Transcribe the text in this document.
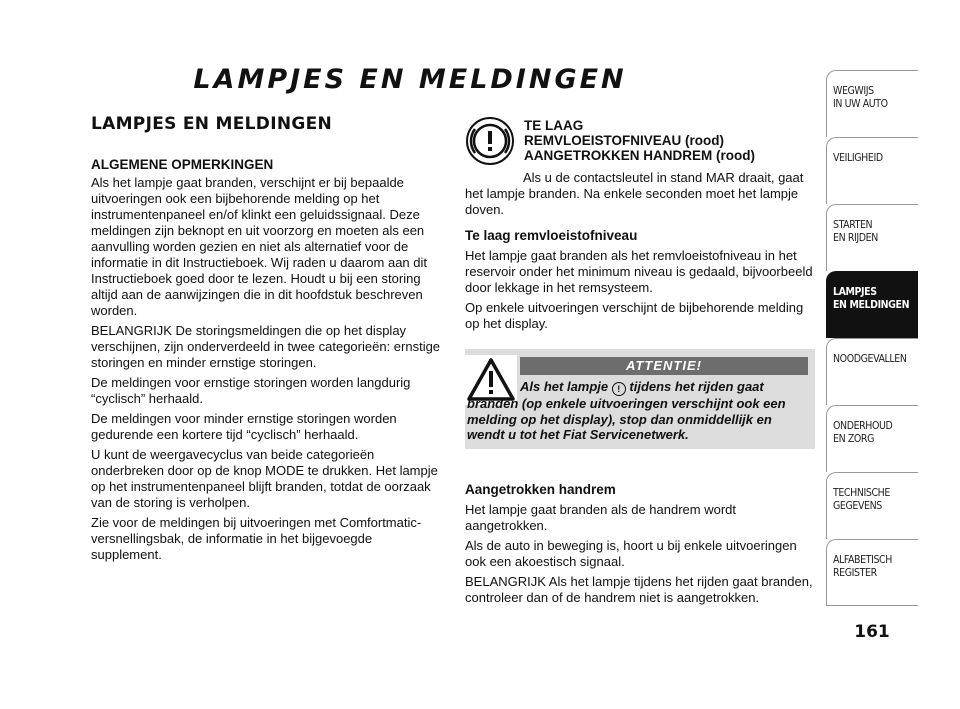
LAMPJES EN MELDINGEN
LAMPJES EN MELDINGEN

ALGEMENE OPMERKINGEN

Als het lampje gaat branden, verschijnt er bij bepaalde uitvoeringen ook een bijbehorende melding op het instrumentenpaneel en/of klinkt een geluidssignaal. Deze meldingen zijn beknopt en uit voorzorg en moeten als een aanvulling worden gezien en niet als alternatief voor de informatie in dit Instructieboek. Wij raden u daarom aan dit Instructieboek goed door te lezen. Houdt u bij een storing altijd aan de aanwijzingen die in dit hoofdstuk beschreven worden.

BELANGRIJK De storingsmeldingen die op het display verschijnen, zijn onderverdeeld in twee categorieën: ernstige storingen en minder ernstige storingen.

De meldingen voor ernstige storingen worden langdurig “cyclisch” herhaald.

De meldingen voor minder ernstige storingen worden gedurende een kortere tijd “cyclisch” herhaald.

U kunt de weergavecyclus van beide categorieën onderbreken door op de knop MODE te drukken. Het lampje op het instrumentenpaneel blijft branden, totdat de oorzaak van de storing is verholpen.

Zie voor de meldingen bij uitvoeringen met Comfortmatic-versnellingsbak, de informatie in het bijgevoegde supplement.

TE LAAG
REMVLOEISTOFNIVEAU (rood)
AANGETROKKEN HANDREM (rood)

Als u de contactsleutel in stand MAR draait, gaat het lampje branden. Na enkele seconden moet het lampje doven.

Te laag remvloeistofniveau

Het lampje gaat branden als het remvloeistofniveau in het reservoir onder het minimum niveau is gedaald, bijvoorbeeld door lekkage in het remsysteem.

Op enkele uitvoeringen verschijnt de bijbehorende melding op het display.

ATTENTIE!

Als het lampje ! tijdens het rijden gaat branden (op enkele uitvoeringen verschijnt ook een melding op het display), stop dan onmiddellijk en wendt u tot het Fiat Servicenetwerk.

Aangetrokken handrem

Het lampje gaat branden als de handrem wordt aangetrokken.

Als de auto in beweging is, hoort u bij enkele uitvoeringen ook een akoestisch signaal.

BELANGRIJK Als het lampje tijdens het rijden gaat branden, controleer dan of de handrem niet is aangetrokken.

WEGWIJS
IN UW AUTO
VEILIGHEID
STARTEN
EN RIJDEN
LAMPJES
EN MELDINGEN
NOODGEVALLEN
ONDERHOUD
EN ZORG
TECHNISCHE
GEGEVENS
ALFABETISCH
REGISTER

161
